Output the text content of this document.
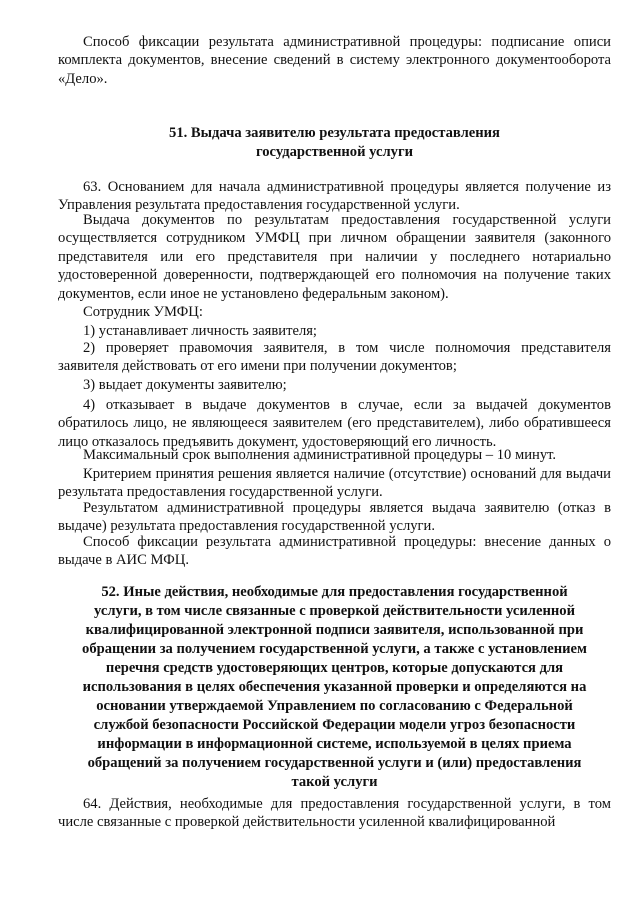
Способ фиксации результата административной процедуры: подписание описи комплекта документов, внесение сведений в систему электронного документооборота «Дело».

51. Выдача заявителю результата предоставления
государственной услуги

63. Основанием для начала административной процедуры является получение из Управления результата предоставления государственной услуги.

Выдача документов по результатам предоставления государственной услуги осуществляется сотрудником УМФЦ при личном обращении заявителя (законного представителя или его представителя при наличии у последнего нотариально удостоверенной доверенности, подтверждающей его полномочия на получение таких документов, если иное не установлено федеральным законом).

Сотрудник УМФЦ:

1) устанавливает личность заявителя;

2) проверяет правомочия заявителя, в том числе полномочия представителя заявителя действовать от его имени при получении документов;

3) выдает документы заявителю;

4) отказывает в выдаче документов в случае, если за выдачей документов обратилось лицо, не являющееся заявителем (его представителем), либо обратившееся лицо отказалось предъявить документ, удостоверяющий его личность.

Максимальный срок выполнения административной процедуры – 10 минут.

Критерием принятия решения является наличие (отсутствие) оснований для выдачи результата предоставления государственной услуги.

Результатом административной процедуры является выдача заявителю (отказ в выдаче) результата предоставления государственной услуги.

Способ фиксации результата административной процедуры: внесение данных о выдаче в АИС МФЦ.

52. Иные действия, необходимые для предоставления государственной
услуги, в том числе связанные с проверкой действительности усиленной
квалифицированной электронной подписи заявителя, использованной при
обращении за получением государственной услуги, а также с установлением
перечня средств удостоверяющих центров, которые допускаются для
использования в целях обеспечения указанной проверки и определяются на
основании утверждаемой Управлением по согласованию с Федеральной
службой безопасности Российской Федерации модели угроз безопасности
информации в информационной системе, используемой в целях приема
обращений за получением государственной услуги и (или) предоставления
такой услуги

64. Действия, необходимые для предоставления государственной услуги, в том числе связанные с проверкой действительности усиленной квалифицированной
